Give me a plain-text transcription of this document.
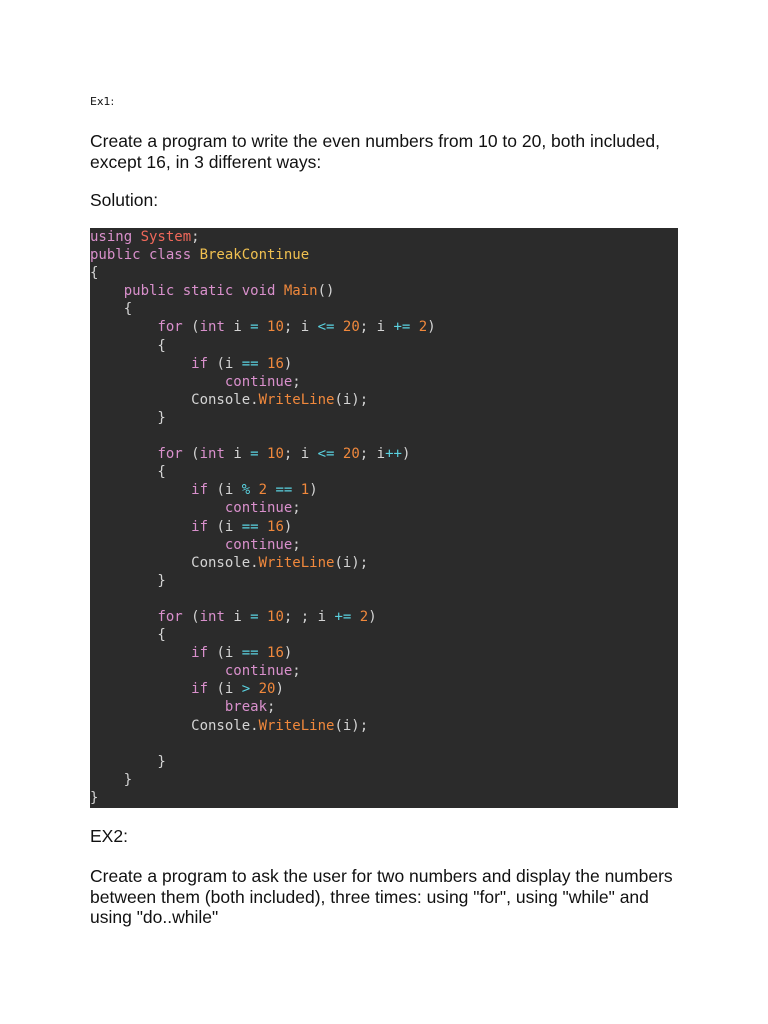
Ex1:

Create a program to write the even numbers from 10 to 20, both included, except 16, in 3 different ways:

Solution:

using System;
public class BreakContinue
{
public static void Main()
{
for (int i = 10; i <= 20; i += 2)
{
if (i == 16)
continue;
Console.WriteLine(i);
}
for (int i = 10; i <= 20; i++)
{
if (i % 2 == 1)
continue;
if (i == 16)
continue;
Console.WriteLine(i);
}
for (int i = 10; ; i += 2)
{
if (i == 16)
continue;
if (i > 20)
break;
Console.WriteLine(i);
}
}
}

EX2:

Create a program to ask the user for two numbers and display the numbers between them (both included), three times: using "for", using "while" and using "do..while"
